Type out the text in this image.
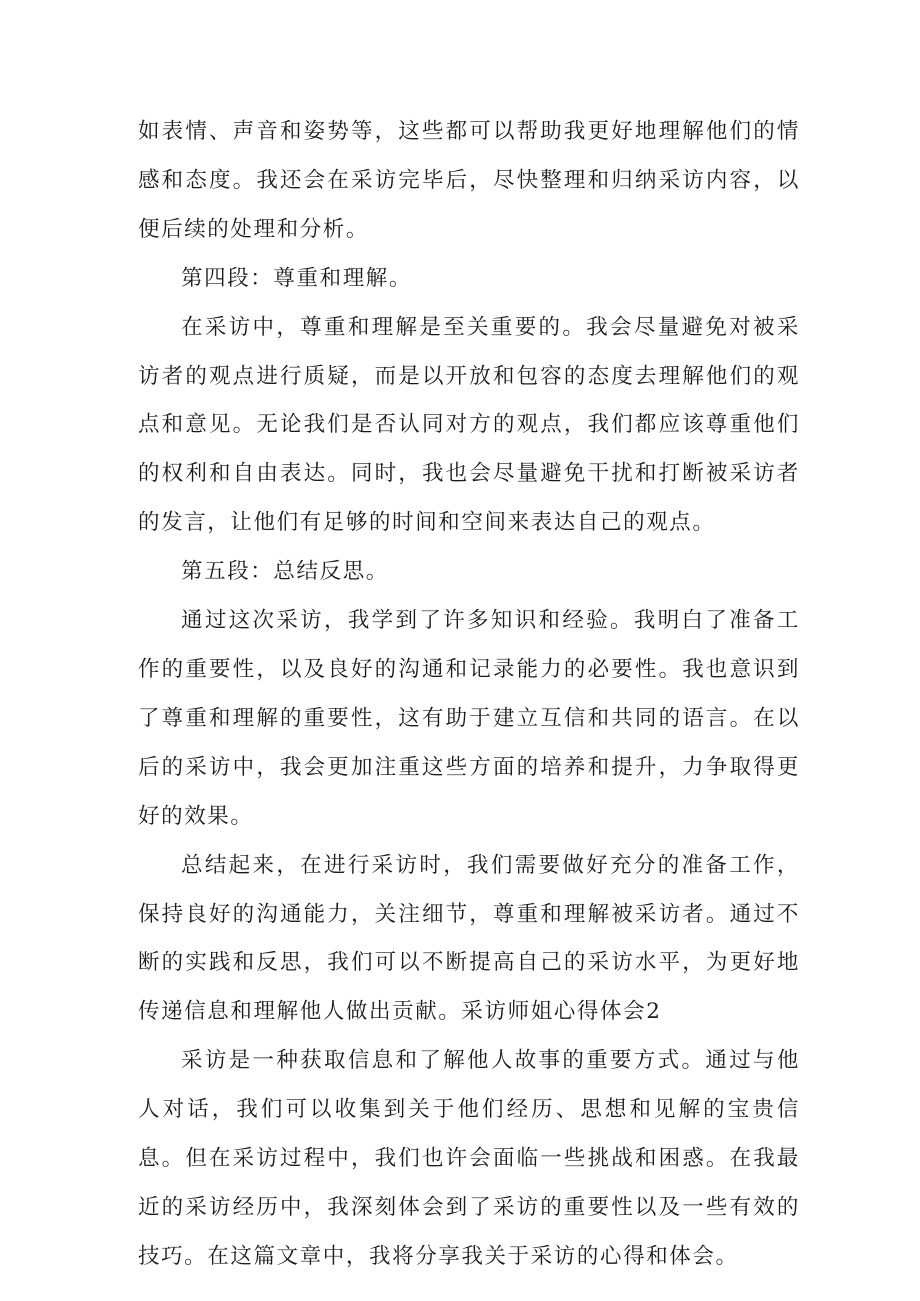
如表情、声音和姿势等，这些都可以帮助我更好地理解他们的情感和态度。我还会在采访完毕后，尽快整理和归纳采访内容，以便后续的处理和分析。

第四段：尊重和理解。

在采访中，尊重和理解是至关重要的。我会尽量避免对被采访者的观点进行质疑，而是以开放和包容的态度去理解他们的观点和意见。无论我们是否认同对方的观点，我们都应该尊重他们的权利和自由表达。同时，我也会尽量避免干扰和打断被采访者的发言，让他们有足够的时间和空间来表达自己的观点。

第五段：总结反思。

通过这次采访，我学到了许多知识和经验。我明白了准备工作的重要性，以及良好的沟通和记录能力的必要性。我也意识到了尊重和理解的重要性，这有助于建立互信和共同的语言。在以后的采访中，我会更加注重这些方面的培养和提升，力争取得更好的效果。

总结起来，在进行采访时，我们需要做好充分的准备工作，保持良好的沟通能力，关注细节，尊重和理解被采访者。通过不断的实践和反思，我们可以不断提高自己的采访水平，为更好地传递信息和理解他人做出贡献。采访师姐心得体会2

采访是一种获取信息和了解他人故事的重要方式。通过与他人对话，我们可以收集到关于他们经历、思想和见解的宝贵信息。但在采访过程中，我们也许会面临一些挑战和困惑。在我最近的采访经历中，我深刻体会到了采访的重要性以及一些有效的技巧。在这篇文章中，我将分享我关于采访的心得和体会。
